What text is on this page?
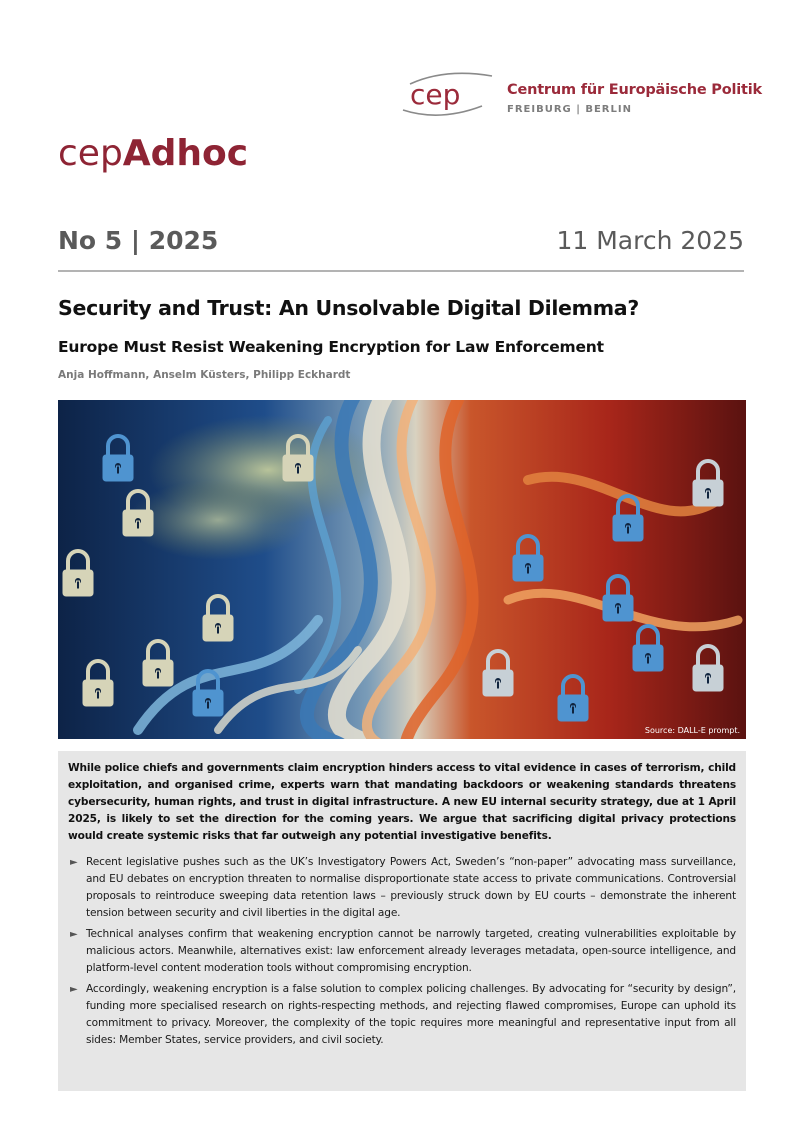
cep	Centrum für Europäische Politik
FREIBURG | BERLIN
cepAdhoc
No 5 | 2025	11 March 2025
Security and Trust: An Unsolvable Digital Dilemma?
Europe Must Resist Weakening Encryption for Law Enforcement
Anja Hoffmann, Anselm Küsters, Philipp Eckhardt
Source: DALL-E prompt.

While police chiefs and governments claim encryption hinders access to vital evidence in cases of terrorism, child exploitation, and organised crime, experts warn that mandating backdoors or weakening standards threatens cybersecurity, human rights, and trust in digital infrastructure. A new EU internal security strategy, due at 1 April 2025, is likely to set the direction for the coming years. We argue that sacrificing digital privacy protections would create systemic risks that far outweigh any potential investigative benefits.

► Recent legislative pushes such as the UK’s Investigatory Powers Act, Sweden’s “non-paper” advocating mass surveillance, and EU debates on encryption threaten to normalise disproportionate state access to private communications. Controversial proposals to reintroduce sweeping data retention laws – previously struck down by EU courts – demonstrate the inherent tension between security and civil liberties in the digital age.
► Technical analyses confirm that weakening encryption cannot be narrowly targeted, creating vulnerabilities exploitable by malicious actors. Meanwhile, alternatives exist: law enforcement already leverages metadata, open-source intelligence, and platform-level content moderation tools without compromising encryption.
► Accordingly, weakening encryption is a false solution to complex policing challenges. By advocating for “security by design”, funding more specialised research on rights-respecting methods, and rejecting flawed compromises, Europe can uphold its commitment to privacy. Moreover, the complexity of the topic requires more meaningful and representative input from all sides: Member States, service providers, and civil society.
